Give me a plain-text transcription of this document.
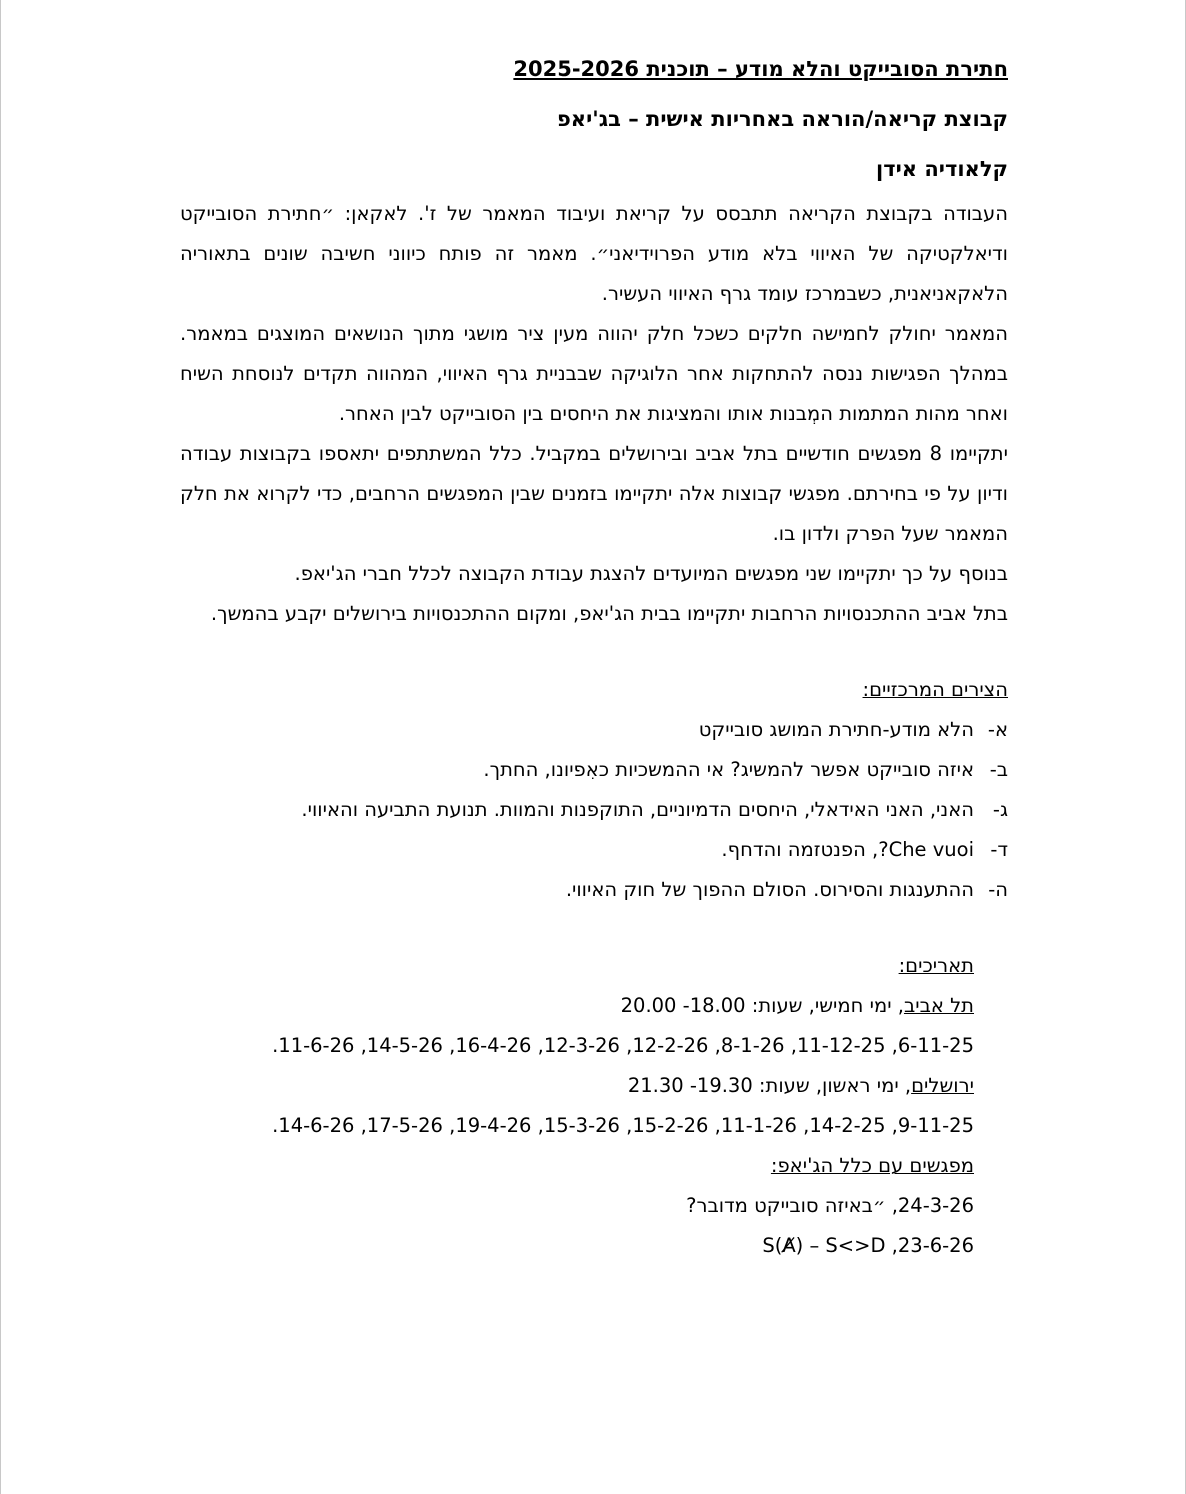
חתירת הסובייקט והלא מודע – תוכנית 2025-2026

קבוצת קריאה/הוראה באחריות אישית – בג'יאפ

קלאודיה אידן

העבודה בקבוצת הקריאה תתבסס על קריאת ועיבוד המאמר של ז'. לאקאן: ״חתירת הסובייקט ודיאלקטיקה של האיווי בלא מודע הפרוידיאני״. מאמר זה פותח כיווני חשיבה שונים בתאוריה הלאקאניאנית, כשבמרכז עומד גרף האיווי העשיר.

המאמר יחולק לחמישה חלקים כשכל חלק יהווה מעין ציר מושגי מתוך הנושאים המוצגים במאמר. במהלך הפגישות ננסה להתחקות אחר הלוגיקה שבבניית גרף האיווי, המהווה תקדים לנוסחת השיח ואחר מהות המתמות המְבנות אותו והמציגות את היחסים בין הסובייקט לבין האחר.

יתקיימו 8 מפגשים חודשיים בתל אביב ובירושלים במקביל. כלל המשתתפים יתאספו בקבוצות עבודה ודיון על פי בחירתם. מפגשי קבוצות אלה יתקיימו בזמנים שבין המפגשים הרחבים, כדי לקרוא את חלק המאמר שעל הפרק ולדון בו.

בנוסף על כך יתקיימו שני מפגשים המיועדים להצגת עבודת הקבוצה לכלל חברי הג'יאפ.

בתל אביב ההתכנסויות הרחבות יתקיימו בבית הג'יאפ, ומקום ההתכנסויות בירושלים יקבע בהמשך.

הצירים המרכזיים:

א-
הלא מודע-חתירת המושג סובייקט
ב-
איזה סובייקט אפשר להמשיג? אי ההמשכיות כאִפיונו, החתך.
ג-
האני, האני האידאלי, היחסים הדמיוניים, התוקפנות והמוות. תנועת התביעה והאיווי.
ד-
Che vuoi?, הפנטזמה והדחף.
ה-
ההתענגות והסירוס. הסולם ההפוך של חוק האיווי.

תאריכים:

תל אביב, ימי חמישי, שעות: 18.00- 20.00

6-11-25, 11-12-25, 8-1-26, 12-2-26, 12-3-26, 16-4-26, 14-5-26, 11-6-26.

ירושלים, ימי ראשון, שעות: 19.30- 21.30

9-11-25, 14-2-25, 11-1-26, 15-2-26, 15-3-26, 19-4-26, 17-5-26, 14-6-26.

מפגשים עם כלל הג'יאפ:

24-3-26, ״באיזה סובייקט מדובר?

23-6-26, S(A̸) – S<>D
